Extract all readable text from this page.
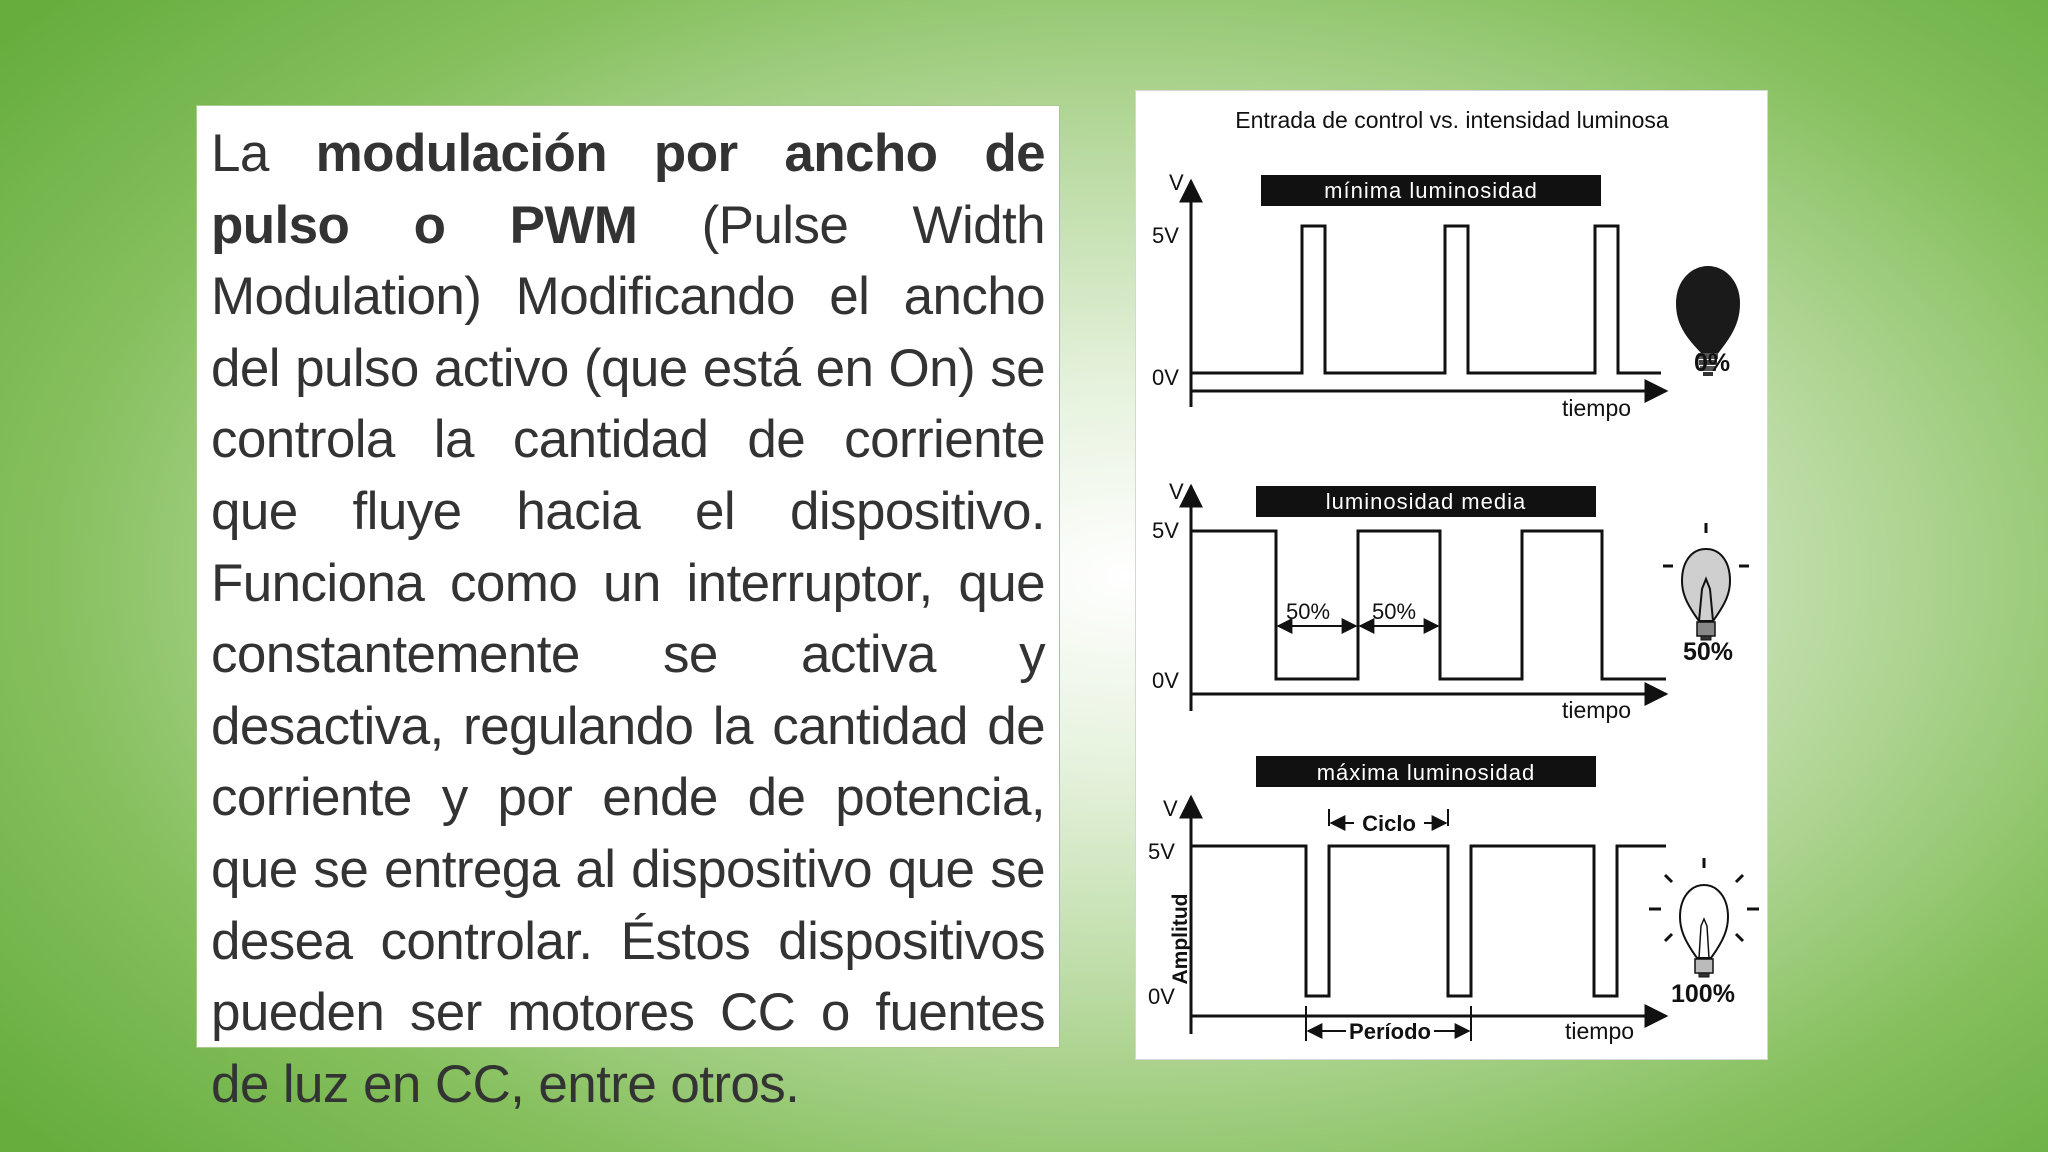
La modulación por ancho de pulso o PWM (Pulse Width Modulation) Modificando el ancho del pulso activo (que está en On) se controla la cantidad de corriente que fluye hacia el dispositivo. Funciona como un interruptor, que constantemente se activa y desactiva, regulando la cantidad de corriente y por ende de potencia, que se entrega al dispositivo que se desea controlar. Éstos dispositivos pueden ser motores CC o fuentes de luz en CC, entre otros.

Entrada de control vs. intensidad luminosa
mínima luminosidad
V
5V
0V
tiempo
0%
luminosidad media
V
5V
0V
50% 50%
tiempo
50%
máxima luminosidad
V
5V
0V
Amplitud
Ciclo
Período	tiempo
100%
